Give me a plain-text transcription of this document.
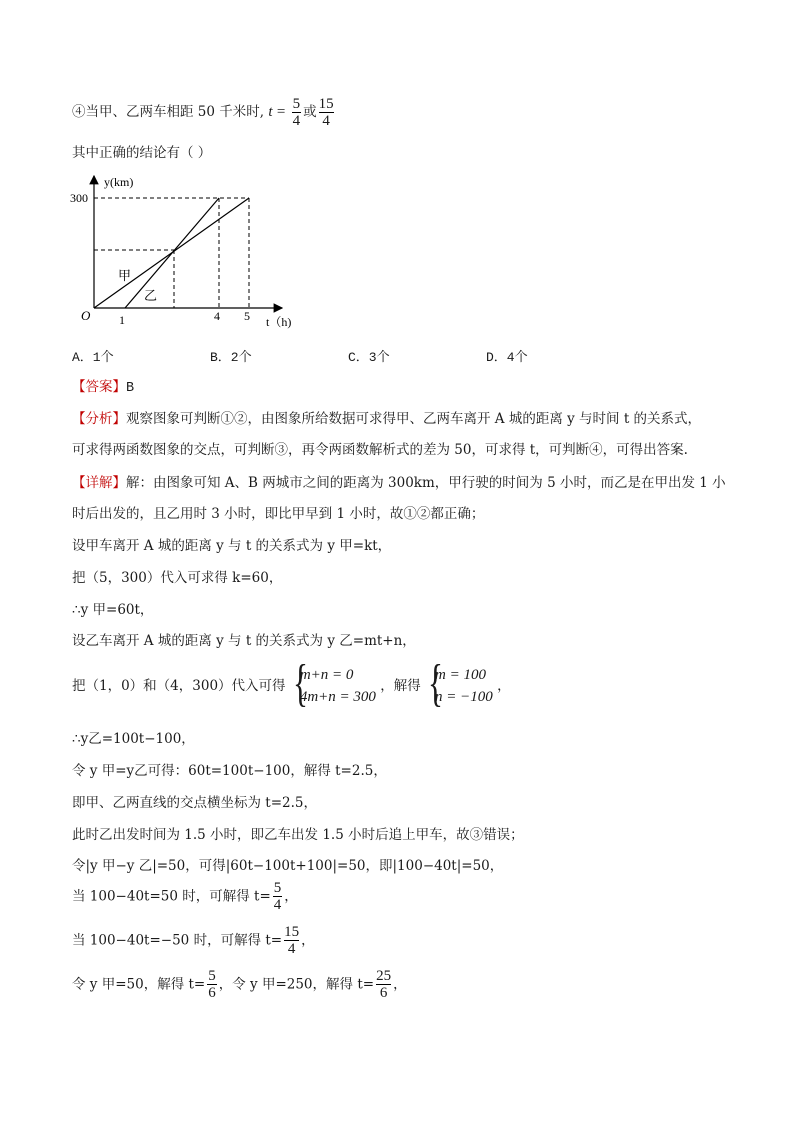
④当甲、乙两车相距 50 千米时, $t = \frac{5}{4}$ 或 $\frac{15}{4}$
其中正确的结论有（ ）
y(km)
300
O 1	4 5 t（h)
甲
乙
A．1个	B．2个	C．3个	D．4个
【答案】B
【分析】观察图象可判断①②，由图象所给数据可求得甲、乙两车离开 A 城的距离 y 与时间 t 的关系式，
可求得两函数图象的交点，可判断③，再令两函数解析式的差为 50，可求得 t，可判断④，可得出答案.
【详解】解：由图象可知 A、B 两城市之间的距离为 300km，甲行驶的时间为 5 小时，而乙是在甲出发 1 小
时后出发的，且乙用时 3 小时，即比甲早到 1 小时，故①②都正确；
设甲车离开 A 城的距离 y 与 t 的关系式为 y 甲=kt，
把（5，300）代入可求得 k=60，
∴y 甲=60t，
设乙车离开 A 城的距离 y 与 t 的关系式为 y 乙=mt+n，
把（1，0）和（4，300）代入可得 {
m+n = 0
4m+n = 300
，解得 {
m = 100
n = −100
，
∴y乙=100t−100，
令 y 甲=y乙可得：60t=100t−100，解得 t=2.5，
即甲、乙两直线的交点横坐标为 t=2.5，
此时乙出发时间为 1.5 小时，即乙车出发 1.5 小时后追上甲车，故③错误；
令|y 甲−y 乙|=50，可得|60t−100t+100|=50，即|100−40t|=50，
当 100−40t=50 时，可解得 $t= \frac{5}{4}$ ，
当 100−40t=−50 时，可解得 $t= \frac{15}{4}$ ，
令 y 甲=50，解得 $t= \frac{5}{6}$ ，令 y 甲=250，解得 $t= \frac{25}{6}$ ，
